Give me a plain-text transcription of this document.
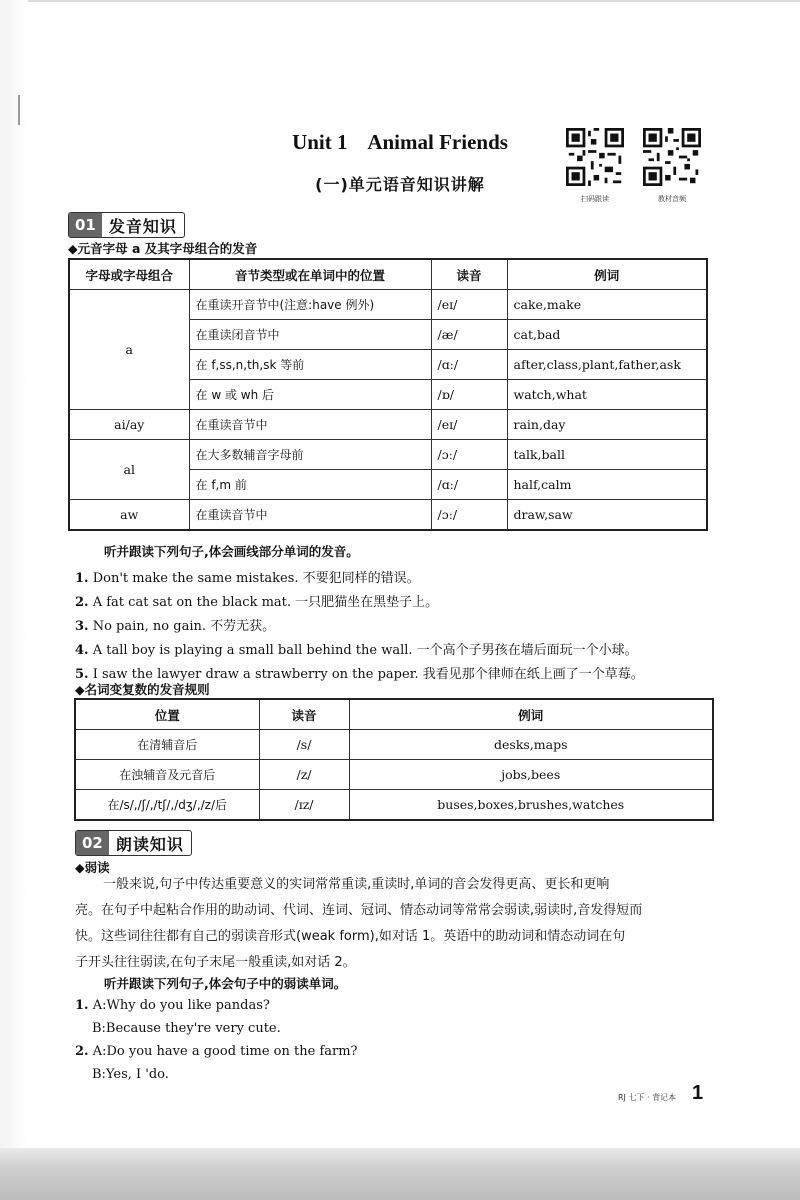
Unit 1    Animal Friends
(一)单元语音知识讲解
扫码跟读	教材音频
01 发音知识
◆元音字母 a 及其字母组合的发音
字母或字母组合	音节类型或在单词中的位置	读音	例词
a	在重读开音节中(注意:have 例外)	/eɪ/	cake,make
	在重读闭音节中	/æ/	cat,bad
	在 f,ss,n,th,sk 等前	/ɑː/	after,class,plant,father,ask
	在 w 或 wh 后	/ɒ/	watch,what
ai/ay	在重读音节中	/eɪ/	rain,day
al	在大多数辅音字母前	/ɔː/	talk,ball
	在 f,m 前	/ɑː/	half,calm
aw	在重读音节中	/ɔː/	draw,saw
听并跟读下列句子,体会画线部分单词的发音。
1. Don't make the same mistakes. 不要犯同样的错误。
2. A fat cat sat on the black mat. 一只肥猫坐在黑垫子上。
3. No pain, no gain. 不劳无获。
4. A tall boy is playing a small ball behind the wall. 一个高个子男孩在墙后面玩一个小球。
5. I saw the lawyer draw a strawberry on the paper. 我看见那个律师在纸上画了一个草莓。
◆名词变复数的发音规则
位置	读音	例词
在清辅音后	/s/	desks,maps
在浊辅音及元音后	/z/	jobs,bees
在/s/,/ʃ/,/tʃ/,/dʒ/,/z/后	/ɪz/	buses,boxes,brushes,watches
02 朗读知识
◆弱读
一般来说,句子中传达重要意义的实词常常重读,重读时,单词的音会发得更高、更长和更响
亮。在句子中起粘合作用的助动词、代词、连词、冠词、情态动词等常常会弱读,弱读时,音发得短而
快。这些词往往都有自己的弱读音形式(weak form),如对话 1。英语中的助动词和情态动词在句
子开头往往弱读,在句子末尾一般重读,如对话 2。
听并跟读下列句子,体会句子中的弱读单词。
1. A:Why do you like pandas?
B:Because they're very cute.
2. A:Do you have a good time on the farm?
B:Yes, I 'do.
RJ 七下 · 背记本 1
